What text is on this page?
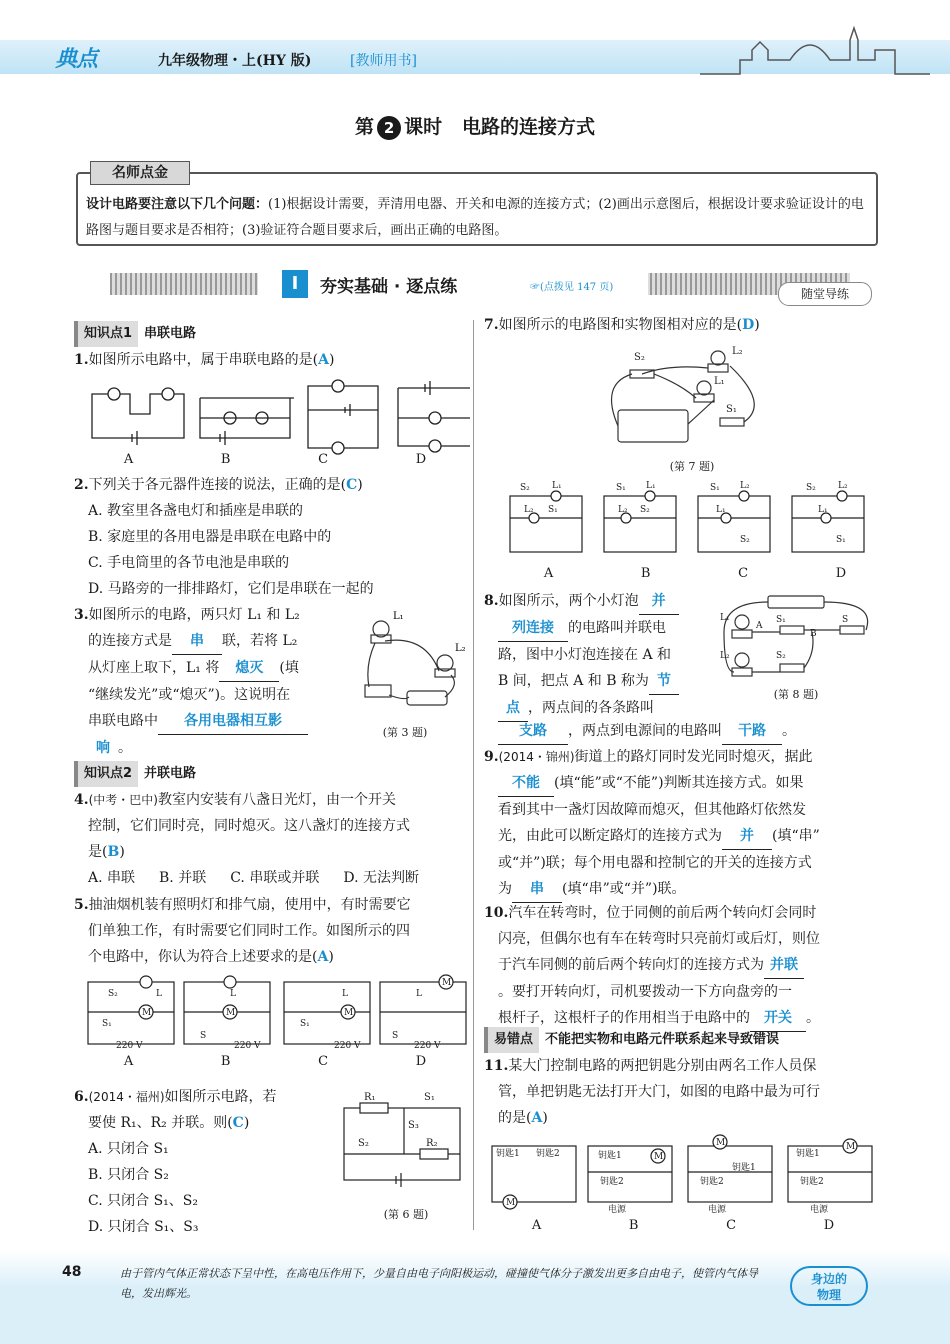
典点	九年级物理・上(HY 版)	[教师用书]
第 2 课时 电路的连接方式
名师点金
设计电路要注意以下几个问题：(1)根据设计需要，弄清用电器、开关和电源的连接方式；(2)画出示意图后，根据设计要求验证设计的电路图与题目要求是否相符；(3)验证符合题目要求后，画出正确的电路图。
Ⅰ	夯实基础 · 逐点练	☞(点拨见 147 页)	随堂导练
知识点1 串联电路
1.如图所示电路中，属于串联电路的是(A)
A	B	C	D
2.下列关于各元器件连接的说法，正确的是(C)
A. 教室里各盏电灯和插座是串联的
B. 家庭里的各用电器是串联在电路中的
C. 手电筒里的各节电池是串联的
D. 马路旁的一排排路灯，它们是串联在一起的
3.如图所示的电路，两只灯 L₁ 和 L₂
的连接方式是 串 联，若将 L₂
从灯座上取下，L₁ 将 熄灭 (填
“继续发光”或“熄灭”)。这说明在
串联电路中 各用电器相互影
响 。
L₁
L₂
(第 3 题)
知识点2 并联电路
4.(中考・巴中)教室内安装有八盏日光灯，由一个开关
控制，它们同时亮，同时熄灭。这八盏灯的连接方式
是(B)
A. 串联 B. 并联 C. 串联或并联 D. 无法判断
5.抽油烟机装有照明灯和排气扇，使用中，有时需要它
们单独工作，有时需要它们同时工作。如图所示的四
个电路中，你认为符合上述要求的是(A)
S₂	L
S₁
M
220 V
L
M
S
220 V
L
M
S₁
220 V
L
M
S
220 V
A	B	C	D
6.(2014・福州)如图所示电路，若
要使 R₁、R₂ 并联。则(C)
A. 只闭合 S₁
B. 只闭合 S₂
C. 只闭合 S₁、S₂
D. 只闭合 S₁、S₃
R₁	S₁
S₃
S₂	R₂
(第 6 题)
7.如图所示的电路图和实物图相对应的是(D)
S₂
L₂
L₁
S₁
(第 7 题)
S₂ L₁
L₂ S₁
S₁ L₁
L₂ S₂
S₁ L₂
L₁
S₂
S₂ L₂
L₁
S₁
A	B	C	D
8.如图所示，两个小灯泡 并
列连接 的电路叫并联电
路，图中小灯泡连接在 A 和
B 间，把点 A 和 B 称为 节
点 ，两点间的各条路叫
支路 ，两点到电源间的电路叫 干路 。
L₁	S₁
B
S
L₂	S₂
A
(第 8 题)
9.(2014・锦州)街道上的路灯同时发光同时熄灭，据此
不能 (填“能”或“不能”)判断其连接方式。如果
看到其中一盏灯因故障而熄灭，但其他路灯依然发
光，由此可以断定路灯的连接方式为 并 (填“串”
或“并”)联；每个用电器和控制它的开关的连接方式
为 串 (填“串”或“并”)联。
10.汽车在转弯时，位于同侧的前后两个转向灯会同时
闪亮，但偶尔也有车在转弯时只亮前灯或后灯，则位
于汽车同侧的前后两个转向灯的连接方式为 并联
。要打开转向灯，司机要拨动一下方向盘旁的一
根杆子，这根杆子的作用相当于电路中的 开关 。
易错点 不能把实物和电路元件联系起来导致错误
11.某大门控制电路的两把钥匙分别由两名工作人员保
管，单把钥匙无法打开大门，如图的电路中最为可行
的是(A)
钥匙1 钥匙2
M
钥匙1
钥匙2
M
电源
M
钥匙1
钥匙2
电源
钥匙1
M
钥匙2
电源
A	B	C	D
48	由于管内气体正常状态下呈中性，在高电压作用下，少量自由电子向阳极运动，碰撞使气体分子激发出更多自由电子，使管内气体导电，发出辉光。
身边的
物理
